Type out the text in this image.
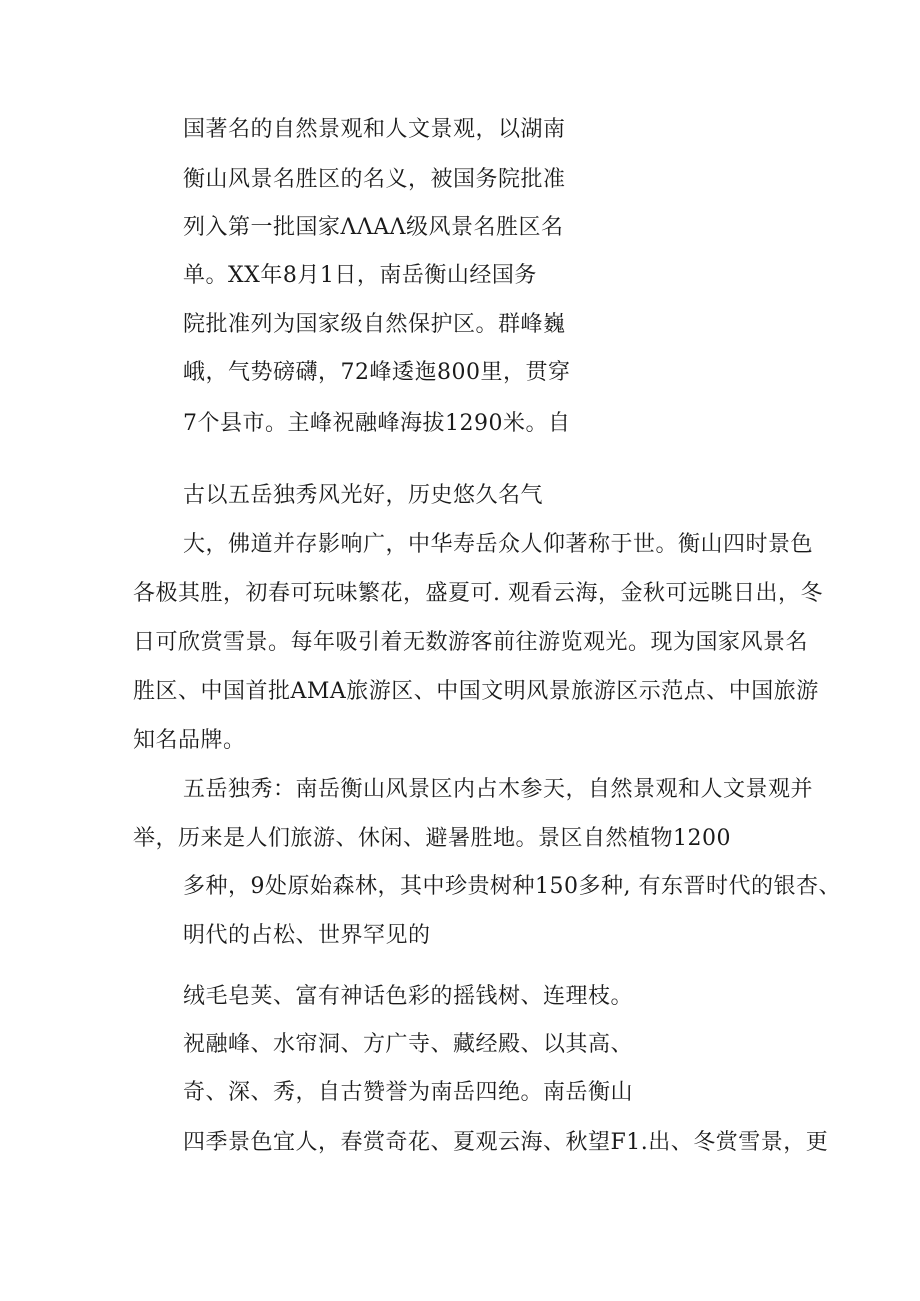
国著名的自然景观和人文景观，以湖南
衡山风景名胜区的名义，被国务院批准
列入第一批国家ΛΛAΛ级风景名胜区名
单。XX年8月1日，南岳衡山经国务
院批准列为国家级自然保护区。群峰巍
峨，气势磅礴，72峰逶迤800里，贯穿
7个县市。主峰祝融峰海拔1290米。自
古以五岳独秀风光好，历史悠久名气
大，佛道并存影响广，中华寿岳众人仰著称于世。衡山四时景色
各极其胜，初春可玩味繁花，盛夏可. 观看云海，金秋可远眺日出，冬
日可欣赏雪景。每年吸引着无数游客前往游览观光。现为国家风景名
胜区、中国首批AMA旅游区、中国文明风景旅游区示范点、中国旅游
知名品牌。
五岳独秀：南岳衡山风景区内占木参天，自然景观和人文景观并
举，历来是人们旅游、休闲、避暑胜地。景区自然植物1200
多种，9处原始森林，其中珍贵树种150多种, 有东晋时代的银杏、
明代的占松、世界罕见的
绒毛皂荚、富有神话色彩的摇钱树、连理枝。
祝融峰、水帘洞、方广寺、藏经殿、以其高、
奇、深、秀，自古赞誉为南岳四绝。南岳衡山
四季景色宜人，春赏奇花、夏观云海、秋望F1.出、冬赏雪景，更
